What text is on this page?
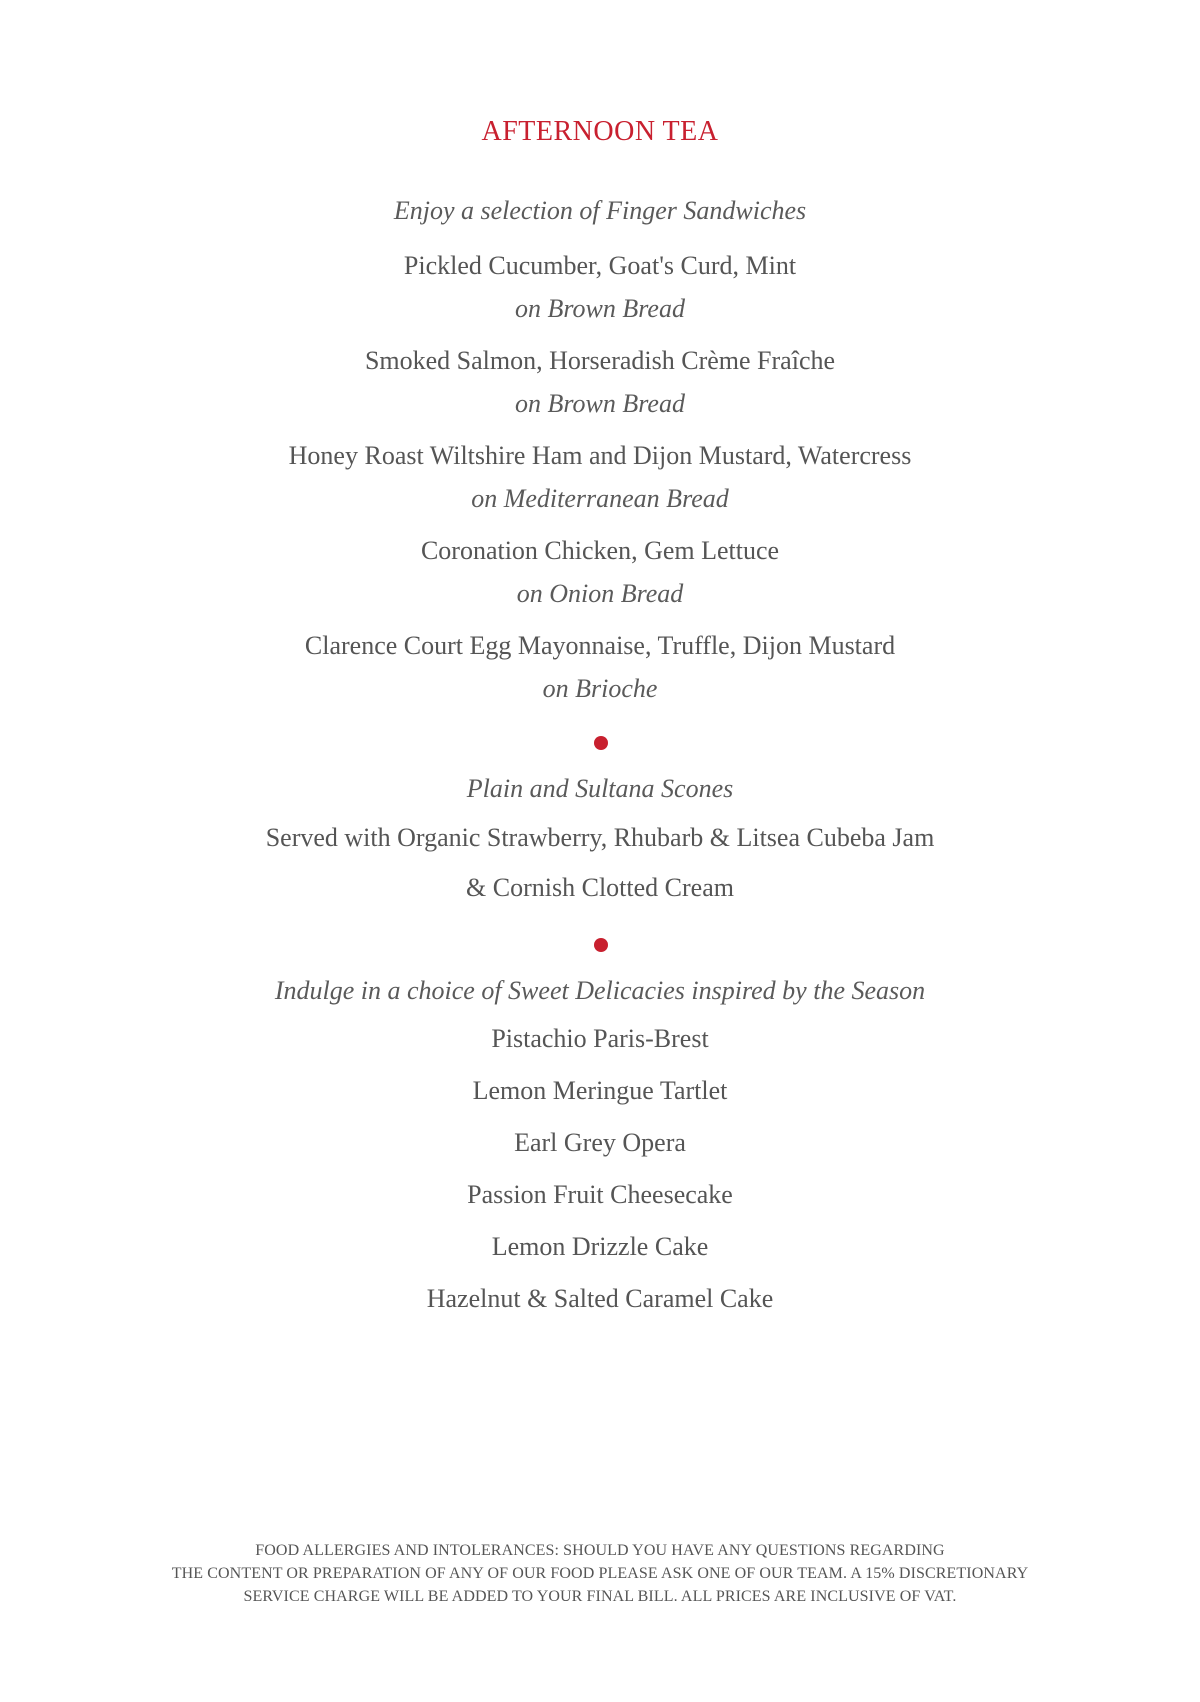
AFTERNOON TEA
Enjoy a selection of Finger Sandwiches
Pickled Cucumber, Goat's Curd, Mint
on Brown Bread
Smoked Salmon, Horseradish Crème Fraîche
on Brown Bread
Honey Roast Wiltshire Ham and Dijon Mustard, Watercress
on Mediterranean Bread
Coronation Chicken, Gem Lettuce
on Onion Bread
Clarence Court Egg Mayonnaise, Truffle, Dijon Mustard
on Brioche
Plain and Sultana Scones
Served with Organic Strawberry, Rhubarb & Litsea Cubeba Jam
& Cornish Clotted Cream
Indulge in a choice of Sweet Delicacies inspired by the Season
Pistachio Paris-Brest
Lemon Meringue Tartlet
Earl Grey Opera
Passion Fruit Cheesecake
Lemon Drizzle Cake
Hazelnut & Salted Caramel Cake
FOOD ALLERGIES AND INTOLERANCES: SHOULD YOU HAVE ANY QUESTIONS REGARDING
THE CONTENT OR PREPARATION OF ANY OF OUR FOOD PLEASE ASK ONE OF OUR TEAM. A 15% DISCRETIONARY
SERVICE CHARGE WILL BE ADDED TO YOUR FINAL BILL. ALL PRICES ARE INCLUSIVE OF VAT.
